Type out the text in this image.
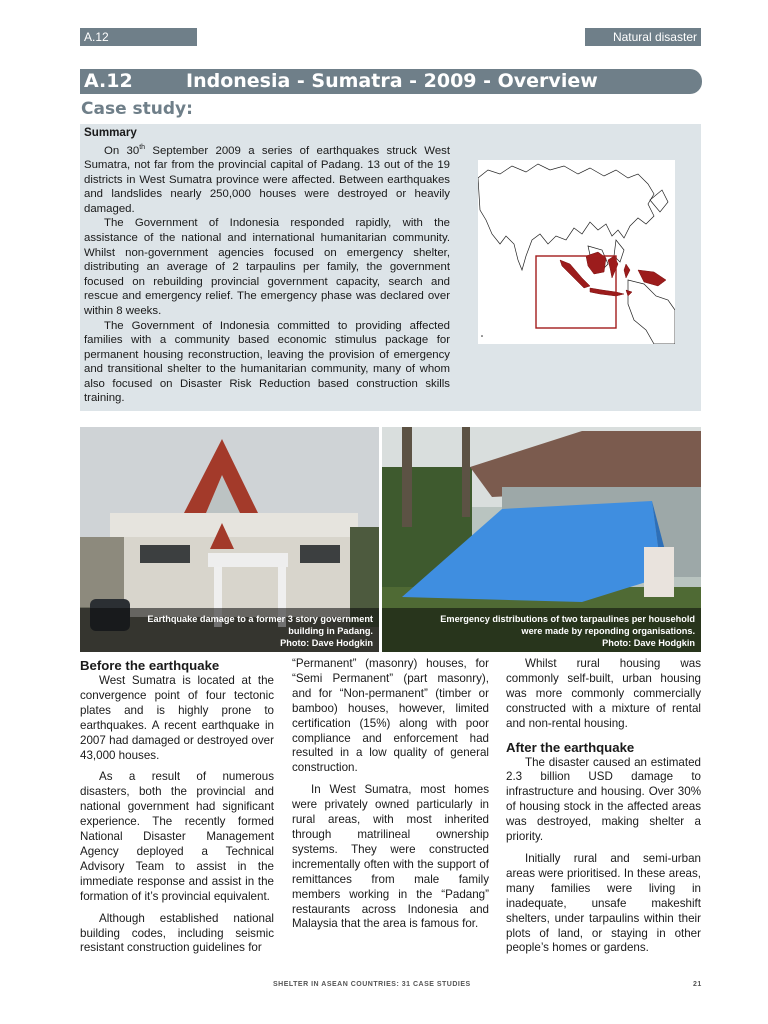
A.12	Natural disaster
A.12	Indonesia - Sumatra - 2009 - Overview
Case study:
Summary

On 30th September 2009 a series of earthquakes struck West Sumatra, not far from the provincial capital of Padang. 13 out of the 19 districts in West Sumatra province were affected. Between earthquakes and landslides nearly 250,000 houses were destroyed or heavily damaged.

The Government of Indonesia responded rapidly, with the assistance of the national and international humanitarian community. Whilst non-government agencies focused on emergency shelter, distributing an average of 2 tarpaulins per family, the government focused on rebuilding provincial government capacity, search and rescue and emergency relief. The emergency phase was declared over within 8 weeks.

The Government of Indonesia committed to providing affected families with a community based economic stimulus package for permanent housing reconstruction, leaving the provision of emergency and transitional shelter to the humanitarian community, many of whom also focused on Disaster Risk Reduction based construction skills training.

Earthquake damage to a former 3 story government
building in Padang.
Photo: Dave Hodgkin
Emergency distributions of two tarpaulines per household
were made by reponding organisations.
Photo: Dave Hodgkin
Before the earthquake

West Sumatra is located at the convergence point of four tectonic plates and is highly prone to earthquakes. A recent earthquake in 2007 had damaged or destroyed over 43,000 houses.

As a result of numerous disasters, both the provincial and national government had significant experience. The recently formed National Disaster Management Agency deployed a Technical Advisory Team to assist in the immediate response and assist in the formation of it’s provincial equivalent.

Although established national building codes, including seismic resistant construction guidelines for

“Permanent” (masonry) houses, for “Semi Permanent” (part masonry), and for “Non-permanent” (timber or bamboo) houses, however, limited certification (15%) along with poor compliance and enforcement had resulted in a low quality of general construction.

In West Sumatra, most homes were privately owned particularly in rural areas, with most inherited through matrilineal ownership systems. They were constructed incrementally often with the support of remittances from male family members working in the “Padang” restaurants across Indonesia and Malaysia that the area is famous for.

Whilst rural housing was commonly self-built, urban housing was more commonly commercially constructed with a mixture of rental and non-rental housing.

After the earthquake

The disaster caused an estimated 2.3 billion USD damage to infrastructure and housing. Over 30% of housing stock in the affected areas was destroyed, making shelter a priority.

Initially rural and semi-urban areas were prioritised. In these areas, many families were living in inadequate, unsafe makeshift shelters, under tarpaulins within their plots of land, or staying in other people’s homes or gardens.

SHELTER IN ASEAN COUNTRIES: 31 CASE STUDIES	21
